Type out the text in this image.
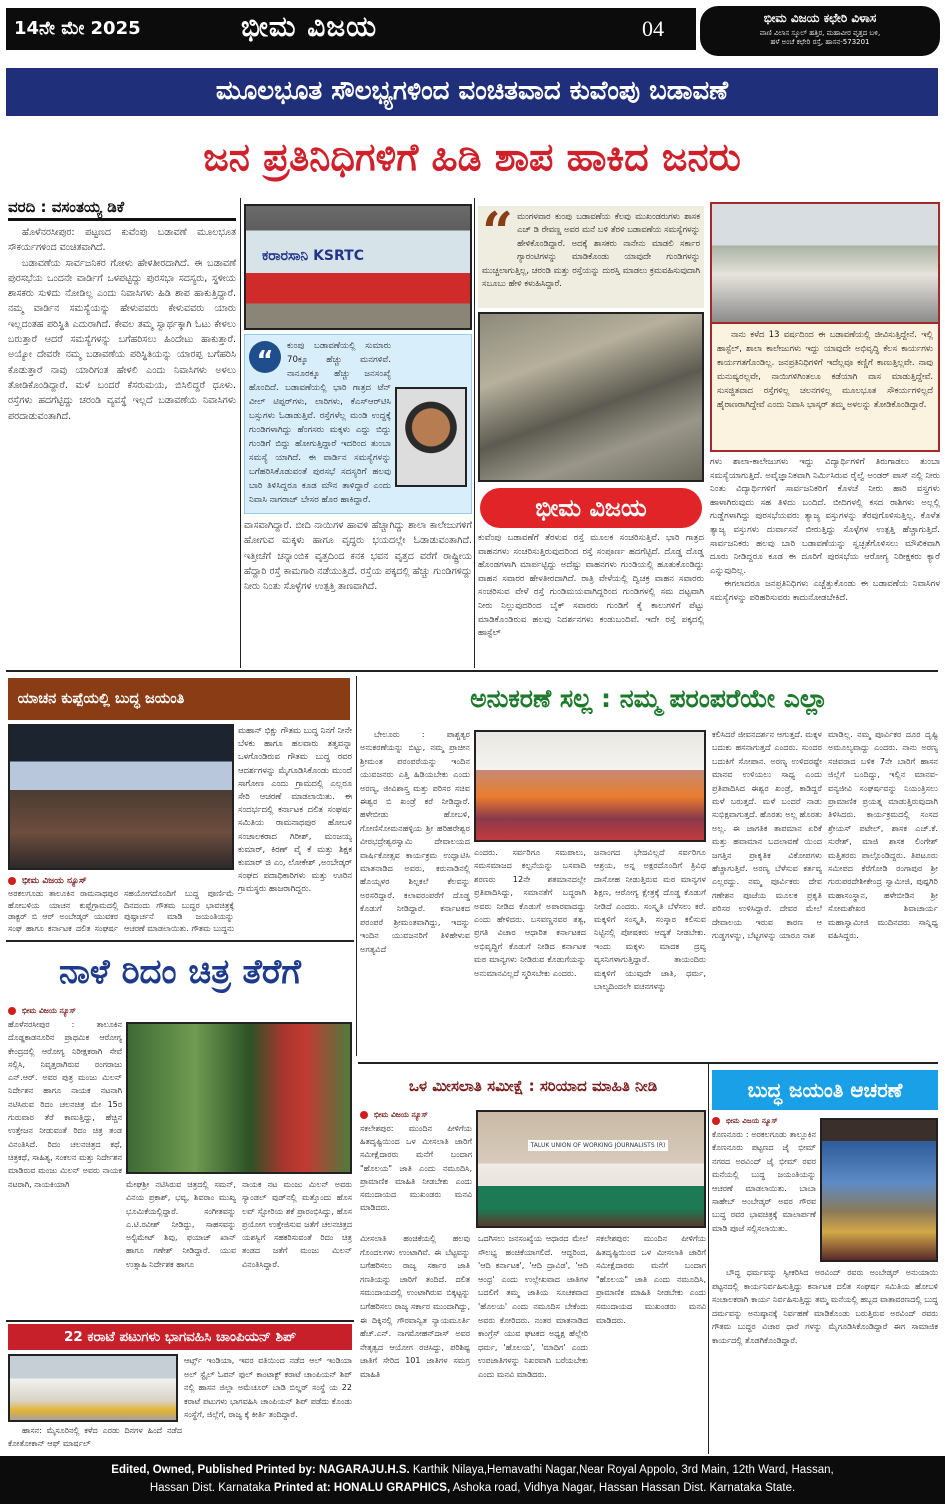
14ನೇ ಮೇ 2025	ಭೀಮ ವಿಜಯ	04	ಭೀಮ ವಿಜಯ ಕಛೇರಿ ವಿಳಾಸ
ವಾಣಿ ವಿಲಾಸ ಸ್ಕೂಲ್ ಹತ್ತಿರ, ಮಹಾವೀರ ವೃತ್ತದ ಬಳಿ,
ಹಳೆ ಅಂಚೆ ಕಛೇರಿ ರಸ್ತೆ, ಹಾಸನ-573201
ಮೂಲಭೂತ ಸೌಲಭ್ಯಗಳಿಂದ ವಂಚಿತವಾದ ಕುವೆಂಪು ಬಡಾವಣೆ
ಜನ ಪ್ರತಿನಿಧಿಗಳಿಗೆ ಹಿಡಿ ಶಾಪ ಹಾಕಿದ ಜನರು
ವರದಿ : ವಸಂತಯ್ಯ ಡಿಕೆ

ಹೊಳೆನರಸೀಪುರ: ಪಟ್ಟಣದ ಕುವೆಂಪು ಬಡಾವಣೆ ಮೂಲಭೂತ ಸೌಕರ್ಯಗಳಿಂದ ವಂಚಿತವಾಗಿದೆ.

ಬಡಾವಣೆಯ ಸಾರ್ವಜನಿಕರ ಗೋಳು ಹೇಳತೀರದಾಗಿದೆ. ಈ ಬಡಾವಣೆ ಪುರಸಭೆಯ ಒಂದನೇ ವಾರ್ಡಿಗೆ ಒಳಪಟ್ಟಿದ್ದು ಪುರಸಭಾ ಸದಸ್ಯರು, ಸ್ಥಳೀಯ ಶಾಸಕರು ಸುಳಿದು ನೋಡಿಲ್ಲ ಎಂದು ನಿವಾಸಿಗಳು ಹಿಡಿ ಶಾಪ ಹಾಕುತ್ತಿದ್ದಾರೆ. ನಮ್ಮ ವಾರ್ಡಿನ ಸಮಸ್ಯೆಯನ್ನು ಹೇಳುವವರು ಕೇಳುವವರು ಯಾರು ಇಲ್ಲದಂತಹ ಪರಿಸ್ಥಿತಿ ಎದುರಾಗಿದೆ. ಕೇವಲ ತಮ್ಮ ಸ್ವಾರ್ಥಕ್ಕಾಗಿ ಓಟು ಕೇಳಲು ಬರುತ್ತಾರೆ ಆದರೆ ಸಮಸ್ಯೆಗಳನ್ನು ಬಗೆಹರಿಸಲು ಹಿಂದೇಟು ಹಾಕುತ್ತಾರೆ. ಅಯ್ಯೋ ದೇವರೇ ನಮ್ಮ ಬಡಾವಣೆಯ ಪರಿಸ್ಥಿತಿಯನ್ನು ಯಾರಪ್ಪ ಬಗೆಹರಿಸಿ ಕೊಡುತ್ತಾರೆ ನಾವು ಯಾರಿಗಂತ ಹೇಳಲಿ ಎಂದು ನಿವಾಸಿಗಳು ಅಳಲು ತೋಡಿಕೊಂಡಿದ್ದಾರೆ. ಮಳೆ ಬಂದರೆ ಕೆಸರುಮಯ, ಬಿಸಿಲಿದ್ದರೆ ಧೂಳು. ರಸ್ತೆಗಳು ಹದಗೆಟ್ಟಿದ್ದು ಚರಂಡಿ ವ್ಯವಸ್ಥೆ ಇಲ್ಲದೆ ಬಡಾವಣೆಯ ನಿವಾಸಿಗಳು ಪರದಾಡುವಂತಾಗಿದೆ.

ಕರಾರಸಾನಿ KSRTC
“	ಕುಂಪು ಬಡಾವಣೆಯಲ್ಲಿ ಸುಮಾರು 70ಕ್ಕೂ ಹೆಚ್ಚು ಮನಗಳಿವೆ. ನಾನೂರಕ್ಕೂ ಹೆಚ್ಚು ಜನಸಂಖ್ಯೆ ಹೊಂದಿದೆ. ಬಡಾವಣೆಯಲ್ಲಿ ಭಾರಿ ಗಾತ್ರದ ಟೆನ್ ವೀಲ್ ಟಿಪ್ಪರ್‌ಗಳು, ಲಾರಿಗಳು, ಕೆಎಸ್‌ಆರ್‌ಟಿಸಿ ಬಸ್ಸುಗಳು ಓಡಾಡುತ್ತಿವೆ. ರಸ್ತೆಗಳೆಲ್ಲ ಮಂಡಿ ಉದ್ದಕ್ಕೆ ಗುಂಡಿಗಳಾಗಿದ್ದು ಹೆಂಗಸರು ಮಕ್ಕಳು ಎದ್ದು ಬಿದ್ದು ಗುಂಡಿಗೆ ಬಿದ್ದು ಹೋಗುತ್ತಿದ್ದಾರೆ ಇದರಿಂದ ತುಂಬಾ ಸಮಸ್ಯೆ ಯಾಗಿದೆ. ಈ ವಾರ್ಡಿನ ಸಮಸ್ಯೆಗಳನ್ನು ಬಗೆಹರಿಸಿಕೊಡುವಂತೆ ಪುರಸಭೆ ಸದಸ್ಯರಿಗೆ ಹಲವು ಬಾರಿ ತಿಳಿಸಿದ್ದರೂ ಕೂಡ ಮೌನ ತಾಳಿದ್ದಾರೆ ಎಂದು ನಿವಾಸಿ ನಾಗರಾಜ್ ಬೇಸರ ಹೊರ ಹಾಕಿದ್ದಾರೆ.

ವಾಸವಾಗಿದ್ದಾರೆ. ಬೀದಿ ನಾಯಿಗಳ ಹಾವಳಿ ಹೆಚ್ಚಾಗಿದ್ದು ಶಾಲಾ ಕಾಲೇಜುಗಳಿಗೆ ಹೋಗುವ ಮಕ್ಕಳು ಹಾಗೂ ವೃದ್ಧರು ಭಯದಲ್ಲೇ ಓಡಾಡುವಂತಾಗಿದೆ. ಇತ್ತೀಚೆಗೆ ಚನ್ನಾಂಬಿಕ ವೃತ್ತದಿಂದ ಕನಕ ಭವನ ವೃತ್ತದ ವರೆಗೆ ರಾಷ್ಟ್ರೀಯ ಹೆದ್ದಾರಿ ರಸ್ತೆ ಕಾಮಗಾರಿ ನಡೆಯುತ್ತಿದೆ. ರಸ್ತೆಯ ಪಕ್ಕದಲ್ಲಿ ಹೆಚ್ಚು ಗುಂಡಿಗಳಿದ್ದು ನೀರು ನಿಂತು ಸೊಳ್ಳೆಗಳ ಉತ್ಪತ್ತಿ ತಾಣವಾಗಿದೆ.

“ ಮಂಗಳವಾರ ಕುಂಪು ಬಡಾವಣೆಯ ಕೆಲವು ಮುಖಂಡರುಗಳು ಶಾಸಕ ಎಚ್ ಡಿ ರೇವಣ್ಣ ಅವರ ಮನೆ ಬಳಿ ತೆರಳಿ ಬಡಾವಣೆಯ ಸಮಸ್ಯೆಗಳನ್ನು ಹೇಳಿಕೊಂಡಿದ್ದಾರೆ. ಅದಕ್ಕೆ ಶಾಸಕರು ನಾನೇನು ಮಾಡಲಿ ಸರ್ಕಾರ ಗ್ಯಾರಂಟಿಗಳನ್ನು ಮಾಡಿಕೊಂಡು ಯಾವುದೇ ಗುಂಡಿಗಳನ್ನು ಮುಚ್ಚಲಾಗುತ್ತಿಲ್ಲ, ಚರಂಡಿ ಮತ್ತು ರಸ್ತೆಯನ್ನು ದುರಸ್ತಿ ಮಾಡಲು ಕ್ರಮವಹಿಸುವುದಾಗಿ ಸಬೂಬು ಹೇಳಿ ಕಳುಹಿಸಿದ್ದಾರೆ.
ಭೀಮ ವಿಜಯ

ಕುವೆಂಪು ಬಡಾವಣೆಗೆ ತೆರಳುವ ರಸ್ತೆ ಮೂಲಕ ಸಂಚರಿಸುತ್ತಿವೆ. ಭಾರಿ ಗಾತ್ರದ ವಾಹನಗಳು ಸಂಚರಿಸುತ್ತಿರುವುದರಿಂದ ರಸ್ತೆ ಸಂಪೂರ್ಣ ಹದಗೆಟ್ಟಿದೆ. ದೊಡ್ಡ ದೊಡ್ಡ ಹೊಂಡಗಳಾಗಿ ಮಾರ್ಪಟ್ಟಿದ್ದು ಅದೆಷ್ಟು ವಾಹನಗಳು ಗುಂಡಿಯಲ್ಲಿ ಹೂತುಕೊಂಡಿದ್ದು ವಾಹನ ಸವಾರರ ಹೇಳತೀರದಾಗಿದೆ. ರಾತ್ರಿ ವೇಳೆಯಲ್ಲಿ ದ್ವಿಚಕ್ರ ವಾಹನ ಸವಾರರು ಸಂಚರಿಸುವ ವೇಳೆ ರಸ್ತೆ ಗುಂಡಿಮಯವಾಗಿದ್ದರಿಂದ ಗುಂಡಿಗಳಲ್ಲಿ ಸಮ ದಟ್ಟವಾಗಿ ನೀರು ನಿಲ್ಲುವುದರಿಂದ ಬೈಕ್ ಸವಾರರು ಗುಂಡಿಗೆ ಕೈ ಕಾಲುಗಳಿಗೆ ಪೆಟ್ಟು ಮಾಡಿಕೊಂಡಿರುವ ಹಲವು ನಿದರ್ಶನಗಳು ಕಂಡುಬಂದಿವೆ. ಇದೇ ರಸ್ತೆ ಪಕ್ಕದಲ್ಲಿ ಹಾಸ್ಟೆಲ್

ನಾನು ಕಳೆದ 13 ವರ್ಷದಿಂದ ಈ ಬಡಾವಣೆಯಲ್ಲಿ ಜೀವಿಸುತ್ತಿದ್ದೇನೆ. ಇಲ್ಲಿ ಹಾಸ್ಟೆಲ್, ಶಾಲಾ ಕಾಲೇಜುಗಳು ಇದ್ದು ಯಾವುದೇ ಅಭಿವೃದ್ಧಿ ಕೆಲಸ ಕಾರ್ಯಗಳು ಕಾರ್ಯಗತಗೊಂಡಿಲ್ಲ. ಜನಪ್ರತಿನಿಧಿಗಳಿಗೆ ಇದೆಲ್ಲವೂ ಕಣ್ಣಿಗೆ ಕಾಣುತ್ತಿಲ್ಲವೇ. ನಾವು ಮನುಷ್ಯರಲ್ಲವೇ, ನಾಯಿಗಳಿಗಿಂತಲೂ ಕಡೆಯಾಗಿ ವಾಸ ಮಾಡುತ್ತಿದ್ದೇವೆ. ಸುಸಜ್ಜಿತವಾದ ರಸ್ತೆಗಳಿಲ್ಲ ಚಲನಗಳಿಲ್ಲ ಮೂಲಭೂತ ಸೌಕರ್ಯಗಳಿಲ್ಲದೆ ಹೈರಾಣರಾಗಿದ್ದೇವೆ ಎಂದು ನಿವಾಸಿ ಭಾಸ್ಕರ್ ತಮ್ಮ ಅಳಲನ್ನು ತೋಡಿಕೊಂಡಿದ್ದಾರೆ.

ಗಳು ಶಾಲಾ-ಕಾಲೇಜುಗಳು ಇದ್ದು ವಿದ್ಯಾರ್ಥಿಗಳಿಗೆ ತಿರುಗಾಡಲು ತುಂಬಾ ಸಮಸ್ಯೆಯಾಗುತ್ತಿದೆ. ಅವೈಜ್ಞಾನಿಕವಾಗಿ ನಿರ್ಮಿಸಿರುವ ರೈಲ್ವೆ ಅಂಡರ್ ಪಾಸ್ ನಲ್ಲಿ ನೀರು ನಿಂತು ವಿದ್ಯಾರ್ಥಿಗಳಿಗೆ ಸಾರ್ವಜನಿಕರಿಗೆ ಕೊಳಚೆ ನೀರು ಹಾರಿ ವಸ್ತ್ರಗಳು ಹಾಳಾಗಿರುವುದು ಸಹ ತಿಳಿದು ಬಂದಿದೆ. ಬೀದಿಗಳಲ್ಲಿ ಕಸದ ರಾಶಿಗಳು ಅಲ್ಲಲ್ಲಿ ಗುಡ್ಡೆಗಳಾಗಿದ್ದು ಪುರಸಭೆಯವರು ತ್ಯಾಜ್ಯ ವಸ್ತುಗಳನ್ನು ತೆರವುಗೊಳಿಸುತ್ತಿಲ್ಲ. ಕೊಳೆತ ತ್ಯಾಜ್ಯ ವಸ್ತುಗಳು ದುರ್ವಾಸನೆ ಬೀರುತ್ತಿದ್ದು ಸೊಳ್ಳೆಗಳ ಉತ್ಪತ್ತಿ ಹೆಚ್ಚಾಗುತ್ತಿದೆ. ಸಾರ್ವಜನಿಕರು ಹಲವು ಬಾರಿ ಬಡಾವಣೆಯನ್ನು ಸ್ವಚ್ಛತೆಗೊಳಿಸಲು ಮೌಖಿಕವಾಗಿ ದೂರು ನೀಡಿದ್ದರೂ ಕೂಡ ಈ ದೂರಿಗೆ ಪುರಸಭೆಯ ಆರೋಗ್ಯ ನಿರೀಕ್ಷಕರು ಕ್ಯಾರೆ ಎನ್ನುವುದಿಲ್ಲ.

ಈಗಲಾದರೂ ಜನಪ್ರತಿನಿಧಿಗಳು ಎಚ್ಚೆತ್ತುಕೊಂಡು ಈ ಬಡಾವಣೆಯ ನಿವಾಸಿಗಳ ಸಮಸ್ಯೆಗಳನ್ನು ಪರಿಹರಿಸುವರು ಕಾದುನೋಡಬೇಕಿದೆ.

ಯಾಚನ ಕುಪ್ಪೆಯಲ್ಲಿ ಬುದ್ಧ ಜಯಂತಿ

ಮಹಾನ್ ಭಿಕ್ಷು ಗೌತಮ ಬುದ್ಧ ನಿನಗೆ ನೀನೇ ಬೆಳಕು ಹಾಗೂ ಹಲವಾರು ತತ್ವವನ್ನಾ ಒಳಗೊಂಡಿರುವ ಗೌತಮ ಬುದ್ಧ ರವರ ಆದರ್ಶಗಳನ್ನು ಮೈಗೂಡಿಸಿಕೊಂಡು ಮುಂದೆ ಸಾಗೋಣ ಎಂದು ಗ್ರಾಮದಲ್ಲಿ ಎಲ್ಲರೂ ಸೇರಿ ಆಚರಣೆ ಮಾಡಲಾಯಿತು. ಈ ಸಂದರ್ಭದಲ್ಲಿ ಕರ್ನಾಟಕ ದಲಿತ ಸಂಘರ್ಷ ಸಮಿತಿಯ ರಾಮನಾಥಪುರ ಹೋಬಳಿ ಸಂಚಾಲಕರಾದ ಗಿರೀಶ್, ಮಂಜಯ್ಯ ಕುಮಾರ್, ಕಿರಣ್ ವೈ ಕೆ ಮತ್ತು ಶಿಕ್ಷಕ ಕುಮಾರ್ ಜಿ ಎಂ, ಲೋಕೇಶ್ ,ಅಂಬೇಡ್ಕರ್ ಸಂಘದ ಪದಾಧಿಕಾರಿಗಳು ಮತ್ತು ಊರಿನ ಗ್ರಾಮಸ್ಥರು ಹಾಜರಾಗಿದ್ದರು.

ಭೀಮ ವಿಜಯ ನ್ಯೂಸ್
ಅರಕಲಗೂಡು ತಾಲೂಕಿನ ರಾಮನಾಥಪುರ ಹೋಬಳಿಯ ಯಾಚನ ಕುಪ್ಪೆಗ್ರಾಮದಲ್ಲಿ ಡಾಕ್ಟರ್ ಬಿ ಆರ್ ಅಂಬೇಡ್ಕರ್ ಯುವಕರ ಸಂಘ ಹಾಗೂ ಕರ್ನಾಟಕ ದಲಿತ ಸಂಘರ್ಷ
ಸಹಯೋಗದೊಂದಿಗೆ ಬುದ್ಧ ಪೂರ್ಣಿಮೆ ದಿನದಂದು ಗೌತಮ ಬುದ್ಧರ ಭಾವಚಿತ್ರಕ್ಕೆ ಪುಷ್ಪಾರ್ಚನೆ ಮಾಡಿ ಜಯಂತಿಯನ್ನು ಆಚರಣೆ ಮಾಡಲಾಯಿತು. ಗೌತಮ ಬುದ್ಧನು
ನಾಳೆ ರಿದಂ ಚಿತ್ರ ತೆರೆಗೆ
ಭೀಮ ವಿಜಯ ನ್ಯೂಸ್
ಹೊಳೆನರಸೀಪುರ : ತಾಲೂಕಿನ ದೊಡ್ಡಕಾಡನೂರಿನ ಪ್ರಾಥಮಿಕ ಆರೋಗ್ಯ ಕೇಂದ್ರದಲ್ಲಿ ಆರೋಗ್ಯ ನಿರೀಕ್ಷಕರಾಗಿ ಸೇವೆ ಸಲ್ಲಿಸಿ, ನಿವೃತ್ತರಾಗಿರುವ ರಂಗರಾಜು ಎನ್.ಆರ್. ಅವರ ಪುತ್ರ ಮಂಜು ಮಿಲನ್ ನಿರ್ದೇಶನ ಹಾಗೂ ನಾಯಕ ನಟನಾಗಿ ನಟಿಸಿರುವ ರಿದಂ ಚಲನಚಿತ್ರ ಮೇ 15ರ ಗುರುವಾರ ತೆರೆ ಕಾಣುತ್ತಿದ್ದು, ಹೆಚ್ಚಿನ ಉತ್ತೇಜನ ನೀಡುವಂತೆ ರಿದಂ ಚಿತ್ರ ತಂಡ ವಿನಂತಿಸಿದೆ. ರಿದಂ ಚಲನಚಿತ್ರದ ಕಥೆ, ಚಿತ್ರಕಥೆ, ಸಾಹಿತ್ಯ, ಸಂಕಲನ ಮತ್ತು ನಿರ್ದೇಶನ ಮಾಡಿರುವ ಮಂಜು ಮಿಲನ್ ಅವರು ನಾಯಕ ನಟರಾಗಿ, ನಾಯಕಿಯಾಗಿ	ಮೇಘಶ್ರೀ ನಟಿಸಿರುವ ಚಿತ್ರದಲ್ಲಿ ಸಮನ್, ವಿನಯ ಪ್ರಕಾಶ್, ಭವ್ಯ, ಶಿವರಾಂ ಮುಖ್ಯ ಭೂಮಿಕೆಯಲ್ಲಿದ್ದಾರೆ. ಸಂಗೀತವನ್ನು ಎ.ಟಿ.ರವೀಶ್ ನೀಡಿದ್ದು, ಸಾಹಸವನ್ನು ಅಲ್ಟಿಮೇಟ್ ಶಿವು, ಫಯಾಜ್ ಖಾನ್ ಹಾಗೂ ಗಣೇಶ್ ನೀಡಿದ್ದಾರೆ. ಯುವ ಉತ್ಸಾಹಿ ನಿರ್ದೇಶಕ ಹಾಗೂ

ನಾಯಕ ನಟ ಮಂಜು ಮಿಲನ್ ಅವರು ಸ್ಯಾಂಡಲ್ ವುಡ್‌ನಲ್ಲಿ ಮತ್ತೊಂದು ಹೊಸ ಲವ್ ಸ್ಟೋರಿಯ ಶಕೆ ಪ್ರಾರಂಭಿಸಿದ್ದು, ಹೊಸ ಪ್ರಯೋಗ ಉತ್ತೇಜಿಸುವ ಜತೆಗೆ ಚಲನಚಿತ್ರದ ಯಶಸ್ವಿಗೆ ಸಹಕರಿಸುವಂತೆ ರಿದಂ ಚಿತ್ರ ತಂಡದ ಜತೆಗೆ ಮಂಜು ಮಿಲನ್ ವಿನಂತಿಸಿದ್ದಾರೆ.

22 ಕರಾಟೆ ಪಟುಗಳು ಭಾಗವಹಿಸಿ ಚಾಂಪಿಯನ್ ಶಿಪ್

ಹಾಸನ: ಮೈಸೂರಿನಲ್ಲಿ ಕಳೆದ ಎರಡು ದಿನಗಳ ಹಿಂದೆ ನಡೆದ ಕೋತೋಕಾನ್ ಆಫ್ ಮಾರ್ಷಲ್

ಆರ್ಟ್ಸ್ ಇಂಡಿಯಾ, ಇವರ ವತಿಯಿಂದ ನಡೆದ ಆಲ್ ಇಂಡಿಯಾ ಅಲ್ ಸ್ಟೈಲ್ ಓಪನ್ ಫುಲ್ ಕಾಂಟಾಕ್ಟ್ ಕರಾಟೆ ಚಾಂಪಿಯನ್ ಶಿಪ್ ನಲ್ಲಿ ಹಾಸನ ಜಿಲ್ಲಾ ಅಮೆಚೂರ್ ಬಾಡಿ ಬಿಲ್ಡರ್ ಸಂಸ್ಥೆ ಯ 22 ಕರಾಟೆ ಪಟುಗಳು ಭಾಗವಹಿಸಿ ಚಾಂಪಿಯನ್ ಶಿಪ್ ಪಡೆದು ಕೊಂಡು ಸಂಸ್ಥೆಗೆ, ಜಿಲ್ಲೆಗೆ, ರಾಜ್ಯ ಕ್ಕೆ ಕೀರ್ತಿ ತಂದಿದ್ದಾರೆ.

ಅನುಕರಣೆ ಸಲ್ಲ : ನಮ್ಮ ಪರಂಪರೆಯೇ ಎಲ್ಲಾ

ಬೇಲೂರು : ಪಾಶ್ಚತ್ಯರ ಅನುಕರಣೆಯನ್ನು ಬಿಟ್ಟು, ನಮ್ಮ ಪ್ರಾಚೀನ ಶ್ರೀಮಂತ ಪರಂಪರೆಯನ್ನು ಇಂದಿನ ಯುವಜನರು ಎತ್ತಿ ಹಿಡಿಯಬೇಕು ಎಂದು ಅರಣ್ಯ, ಜೀವಿಶಾಸ್ತ್ರ ಮತ್ತು ಪರಿಸರ ಸಚಿವ ಈಶ್ವರ ಬಿ ಖಂಡ್ರೆ ಕರೆ ನೀಡಿದ್ದಾರೆ. ಹಳೇಬೀಡು ಹೋಬಳಿ, ಗೋಣಿಸೋಮನಹಳ್ಳಿಯ ಶ್ರೀ ಹರಿಹರೇಶ್ವರ ವೀರಭದ್ರೇಶ್ವರಸ್ವಾಮಿ ದೇವಾಲಯದ ವಾರ್ಷಿಕೋತ್ಸವ ಕಾರ್ಯಕ್ರಮ ಉದ್ಘಾಟಿಸಿ ಮಾತನಾಡಿದ ಅವರು, ಕರುನಾಡಿನಲ್ಲಿ ಹೊಯ್ಸಳರ ಶಿಲ್ಪಕಲೆ ಕೆಲವನ್ನು ಅರಸರಿದ್ದಾರೆ. ಕಲಾವರಂಪರೆಗೆ ದೊಡ್ಡ ಕೊಡುಗೆ ನೀಡಿದ್ದಾರೆ. ಕರ್ನಾಟಕದ ಪರಂಪರೆ ಶ್ರೀಮಂತವಾಗಿದ್ದು, ಇದನ್ನು ಇಂದಿನ ಯುವಜನರಿಗೆ ತಿಳಿಹೇಳುವ ಅಗತ್ಯವಿದೆ

ಎಂದರು. ಸರ್ವರಿಗೂ ಸಮಪಾಲು, ಸಮಸಮಾಜದ ಕಲ್ಪನೆಯನ್ನು ಬಸವಾದಿ ಶರಣರು 12ನೇ ಶತಮಾನದಲ್ಲೇ ಪ್ರತಿಪಾದಿಸಿದ್ದು, ಸಮಾನತೆಗೆ ಬದ್ಧರಾಗಿ ಅವರು ನೀಡಿದ ಕೊಡುಗೆ ಅಪಾರವಾದದ್ದು ಎಂದು ಹೇಳಿದರು. ಬಸವಣ್ಣನವರ ತತ್ವ, ಪ್ರಗತಿ ವಿಚಾರ ಆಧಾರಿತ ಕರ್ನಾಟಕದ ಅಭಿವೃದ್ಧಿಗೆ ಕೊಡುಗೆ ನೀಡಿದ ಕರ್ನಾಟಕ ಮಠ ಮಾನ್ಯಗಳು ನೀಡಿರುವ ಕೊಡುಗೆಯನ್ನು ಅನುಮಾನವಿಲ್ಲದೆ ಸ್ಮರಿಸಬೇಕು ಎಂದರು.
ಜನಾಂಗದ ಭೇದವಿಲ್ಲದೆ ಸರ್ವರಿಗೂ ಆಶ್ರಯ, ಅನ್ನ ಅಕ್ಷರದೊಂದಿಗೆ ತ್ರಿವಿಧ ದಾಸೋಹ ನೀಡುತ್ತಿರುವ ಮಠ ಮಾನ್ಯಗಳ ಶಿಕ್ಷಣ, ಆರೋಗ್ಯ ಕ್ಷೇತ್ರಕ್ಕೆ ದೊಡ್ಡ ಕೊಡುಗೆ ನೀಡಿದೆ ಎಂದರು. ಸಂಸ್ಕೃತಿ ಬೆಳೆಸಲು ಕರೆ. ಮಕ್ಕಳಿಗೆ ಸಂಸ್ಕೃತಿ, ಸಂಸ್ಕಾರ ಕಲಿಸುವ ನಿಟ್ಟಿನಲ್ಲಿ ಪೋಷಕರು ಆದ್ಯತೆ ನೀಡಬೇಕು. ಇಂದು ಮಕ್ಕಳು ಮಾದಕ ದ್ರವ್ಯ ವ್ಯಸನಿಗಳಾಗುತ್ತಿದ್ದಾರೆ. ತಾಯಂದಿರು ಮಕ್ಕಳಿಗೆ ಯುವುದೇ ಜಾತಿ, ಧರ್ಮ, ಬಾಲ್ಯದಿಂದಲೇ ವಚನಗಳನ್ನು

ಕಲಿಸಿದರೆ ಜೀವನದರ್ಶನ ಆಗುತ್ತದೆ. ಮಕ್ಕಳ ಬದುಕು ಹಸನಾಗುತ್ತದೆ ಎಂದರು. ಸುಂದರ ಬದುಕಿಗೆ ಸೋಪಾನ. ಅರಣ್ಯ ಉಳಿದರಷ್ಟೇ ಮಾನವ ಉಳಿಯಲು ಸಾಧ್ಯ ಎಂದು ಪ್ರತಿಪಾದಿಸಿದ ಈಶ್ವರ ಖಂಡ್ರೆ, ಕಾಡಿದ್ದರೆ ಮಳೆ ಬರುತ್ತದೆ. ಮಳೆ ಬಂದರೆ ನಾಡು ಸುಭಿಕ್ಷವಾಗುತ್ತದೆ. ಹೊರತು ಅಲ್ಲ ಹೊರತು ಅಲ್ಲ. ಈ ಜಾಗತಿಕ ತಾಪಮಾನ ಏರಿಕೆ ಮತ್ತು ಹವಾಮಾನ ಬದಲಾವಣೆ ಯಿಂದ ಜಗತ್ತಿನ ಪ್ರಾಕೃತಿಕ ವಿಕೋಪಗಳು ಹೆಚ್ಚಾಗುತ್ತಿವೆ. ಅರಣ್ಯ ಬೆಳೆಸುವ ಕರ್ತವ್ಯ ಎಲ್ಲರದ್ದು. ನಮ್ಮ ಪೂರ್ವಿಕರು ದೇವ ಗಣೇಶನ ಪೂಜೆಯ ಮೂಲಕ ಪ್ರಕೃತಿ ಪರಿಸರ ಉಳಿಸಿದ್ದಾರೆ. ದೇವರ ಮೇಲೆ ದೇವಾಲಯ ಇರುವ ಕಾರಣ ಆ ಗುಡ್ಡಗಳನ್ನು, ಬೆಟ್ಟಗಳನ್ನು ಯಾರೂ ನಾಶ

ಮಾಡಿಲ್ಲ. ನಮ್ಮ ಪೂರ್ವಿಕರ ದೂರ ದೃಷ್ಟಿ ಅಮೂಲ್ಯವಾದ್ದು ಎಂದರು. ನಾನು ಅರಣ್ಯ ಸಚಿವರಾದ ಬಳಿಕ 7ನೇ ಬಾರಿಗೆ ಹಾಸನ ಜಿಲ್ಲೆಗೆ ಬಂದಿದ್ದು, ಇಲ್ಲಿನ ಮಾನವ-ವನ್ಯಜೀವಿ ಸಂಘರ್ಷವನ್ನು ನಿಯಂತ್ರಿಸಲು ಪ್ರಾಮಾಣಿಕ ಪ್ರಯತ್ನ ಮಾಡುತ್ತಿರುವುದಾಗಿ ತಿಳಿಸಿದರು. ಕಾರ್ಯಕ್ರಮದಲ್ಲಿ ಸಂಸದ ಶ್ರೇಯಸ್ ಪಟೇಲ್, ಶಾಸಕ ಎಚ್.ಕೆ. ಸುರೇಶ್, ಮಾಜಿ ಶಾಸಕ ಲಿಂಗೇಶ್ ಮತ್ತಿತರರು ಪಾಲ್ಗೊಂಡಿದ್ದರು. ತಿಪಟೂರು ಸಮೀಪದ ಕೆರೆಗೋಡಿ ರಂಗಾಪುರ ಶ್ರೀ ಗುರುಪರದೇಶೀಕೇಂದ್ರ ಸ್ವಾಮೀಜಿ, ಪುಷ್ಪಗಿರಿ ಮಹಾಸಂಸ್ಥಾನ, ಹಳೇಬೀಡಿನ ಶ್ರೀ ಸೋಮಶೇಖರ ಶಿವಾಚಾರ್ಯ ಮಹಾಸ್ವಾಮೀಜಿ ಮುದಿನದರು ಸಾನ್ನಿಧ್ಯ ವಹಿಸಿದ್ದರು.

ಒಳ ಮೀಸಲಾತಿ ಸಮೀಕ್ಷೆ : ಸರಿಯಾದ ಮಾಹಿತಿ ನೀಡಿ
ಭೀಮ ವಿಜಯ ನ್ಯೂಸ್
ಸಕಲೇಶಪುರ: ಮುಂದಿನ ಪೀಳಿಗೆಯ ಹಿತದೃಷ್ಟಿಯಿಂದ ಒಳ ಮೀಸಲಾತಿ ಜಾರಿಗೆ ಸಮೀಕ್ಷೆದಾರರು ಮನೆಗೆ ಬಂದಾಗ "ಹೊಲಯ" ಜಾತಿ ಎಂದು ನಮೂದಿಸಿ, ಪ್ರಾಮಾಣಿಕ ಮಾಹಿತಿ ನೀಡಬೇಕು ಎಂದು ಸಮುದಾಯದ ಮುಖಂಡರು ಮನವಿ ಮಾಡಿದರು.
TALUK UNION OF WORKING JOURNALISTS (R)
ಮೀಸಲಾತಿ ಹಂಚಿಕೆಯಲ್ಲಿ ಹಲವು ಗೊಂದಲಗಳು ಉಂಟಾಗಿವೆ. ಈ ಬೆಟ್ಟವನ್ನು ಬಗೆಹರಿಸಲು ರಾಜ್ಯ ಸರ್ಕಾರ ಜಾತಿ ಗಣತಿಯನ್ನು ಜಾರಿಗೆ ತಂದಿದೆ. ದಲಿತ ಸಮುದಾಯದಲ್ಲಿ ಉಂಟಾಗಿರುವ ಬಿಕ್ಕಟ್ಟನ್ನು ಬಗೆಹರಿಸಲು ರಾಜ್ಯ ಸರ್ಕಾರ ಮುಂದಾಗಿದ್ದು, ಈ ದಿಕ್ಕಿನಲ್ಲಿ ಗೌರವಾನ್ವಿತ ನ್ಯಾಯಮೂರ್ತಿ ಹೆಚ್.ಎನ್. ನಾಗಮೋಹನ್‌ದಾಸ್ ಅವರ ನೇತೃತ್ವದ ಆಯೋಗ ರಚಿಸಿದ್ದು, ಪರಿಶಿಷ್ಟ ಜಾತಿಗೆ ಸೇರಿದ 101 ಜಾತಿಗಳ ಸಮಗ್ರ ಮಾಹಿತಿ
ಒದಗಿಸಲು ಜನಸಂಖ್ಯೆಯ ಆಧಾರದ ಮೇಲೆ ಸೌಲಭ್ಯ ಹಂಚಿಕೆಯಾಗಲಿದೆ. ಆದ್ದರಿಂದ, 'ಆದಿ ಕರ್ನಾಟಕ', 'ಆದಿ ದ್ರಾವಿಡ', 'ಆದಿ ಆಂಧ್ರ' ಎಂದು ಉಲ್ಲೇಖವಾದ ಜಾತಿಗಳ ಬದಲಿಗೆ ತಮ್ಮ ಜಾತಿಯ ಸೂಚಕವಾದ 'ಹೊಲಯ' ಎಂದು ನಮೂದಿಸ ಬೇಕೆಂದು ಅವರು ಕೋರಿದರು. ನಂತರ ಮಾತನಾಡಿದ ಕಾಂಗ್ರೆಸ್ ಯುವ ಘಟಕದ ಅಧ್ಯಕ್ಷ ಹೆಲ್ಲೇರಿ ಧರ್ಮ, 'ಹೊಲಯ', 'ಮಾದಿಗ' ಎಂದು ಉಪಜಾತಿಗಳನ್ನು ನಿಖರವಾಗಿ ಬರೆಯಬೇಕು ಎಂದು ಮನವಿ ಮಾಡಿದರು.
ಸಕಲೇಶಪುರ: ಮುಂದಿನ ಪೀಳಿಗೆಯ ಹಿತದೃಷ್ಟಿಯಿಂದ ಒಳ ಮೀಸಲಾತಿ ಜಾರಿಗೆ ಸಮೀಕ್ಷೆದಾರರು ಮನೆಗೆ ಬಂದಾಗ "ಹೊಲಯ" ಜಾತಿ ಎಂದು ನಮೂದಿಸಿ, ಪ್ರಾಮಾಣಿಕ ಮಾಹಿತಿ ನೀಡಬೇಕು ಎಂದು ಸಮುದಾಯದ ಮುಖಂಡರು ಮನವಿ ಮಾಡಿದರು.
ಬುದ್ಧ ಜಯಂತಿ ಆಚರಣೆ
ಭೀಮ ವಿಜಯ ನ್ಯೂಸ್
ಕೊಣನೂರು : ಅರಕಲಗೂಡು ತಾಲ್ಲೂಕಿನ ಕೊಣನೂರು ಪಟ್ಟಣದ ಜೈ ಭೀಮ್ ನಗರದ ಅರವಿಂದ್ ಜೈ ಭೀಮ್ ರವರ ಮನೆಯಲ್ಲಿ ಬುದ್ಧ ಜಯಂತಿಯನ್ನು ಆಚರಣೆ ಮಾಡಲಾಯಿತು. ಬಾಬಾ ಸಾಹೇಬ್ ಅಂಬೇಡ್ಕರ್ ಅವರ ಗೌರವ ಬುದ್ಧ ರವರ ಭಾವಚಿತ್ರಕ್ಕೆ ಮಾಲಾರ್ಪಣೆ ಮಾಡಿ ಪೂಜೆ ಸಲ್ಲಿಸಲಾಯಿತು.

ಬೌದ್ಧ ಧರ್ಮವನ್ನು ಸ್ವೀಕರಿಸಿದ ಅರವಿಂದ್ ರವರು ಅಂಬೇಡ್ಕರ್ ಅನುಯಾಯಿ ಪಟ್ಟನದಲ್ಲಿ ಕಾರ್ಯನಿರ್ವಹಿಸುತ್ತಿದ್ದು ಕರ್ನಾಟಕ ದಲಿತ ಸಂಘರ್ಷ ಸಮಿತಿಯ ಹೋಬಳಿ ಸಂಚಾಲಕರಾಗಿ ಕಾರ್ಯ ನಿರ್ವಹಿಸುತ್ತಿದ್ದು ತಮ್ಮ ಮನೆಯಲ್ಲಿ ಹಬ್ಬದ ವಾತಾವರಣದಲ್ಲಿ ಬುದ್ಧ ದರ್ಮವನ್ನು ಅನುಷ್ಠಾನಕ್ಕೆ ನಿರ್ವಹಣೆ ಮಾಡಿಕೊಂಡು ಬರುತ್ತಿರುವ ಅರವಿಂದ್ ರವರು ಗೌತಮ ಬುದ್ಧರ ವಿಚಾರ ಧಾರೆ ಗಳನ್ನು ಮೈಗೂಡಿಸಿಕೊಂಡಿದ್ದಾರೆ ಈಗ ಸಾಮಾಜಿಕ ಕಾರ್ಯದಲ್ಲಿ ತೊಡಗಿಕೊಂಡಿದ್ದಾರೆ.

Edited, Owned, Published Printed by: NAGARAJU.H.S. Karthik Nilaya,Hemavathi Nagar,Near Royal Appolo, 3rd Main, 12th Ward, Hassan,
Hassan Dist. Karnataka Printed at: HONALU GRAPHICS, Ashoka road, Vidhya Nagar, Hassan Hassan Dist. Karnataka State.
